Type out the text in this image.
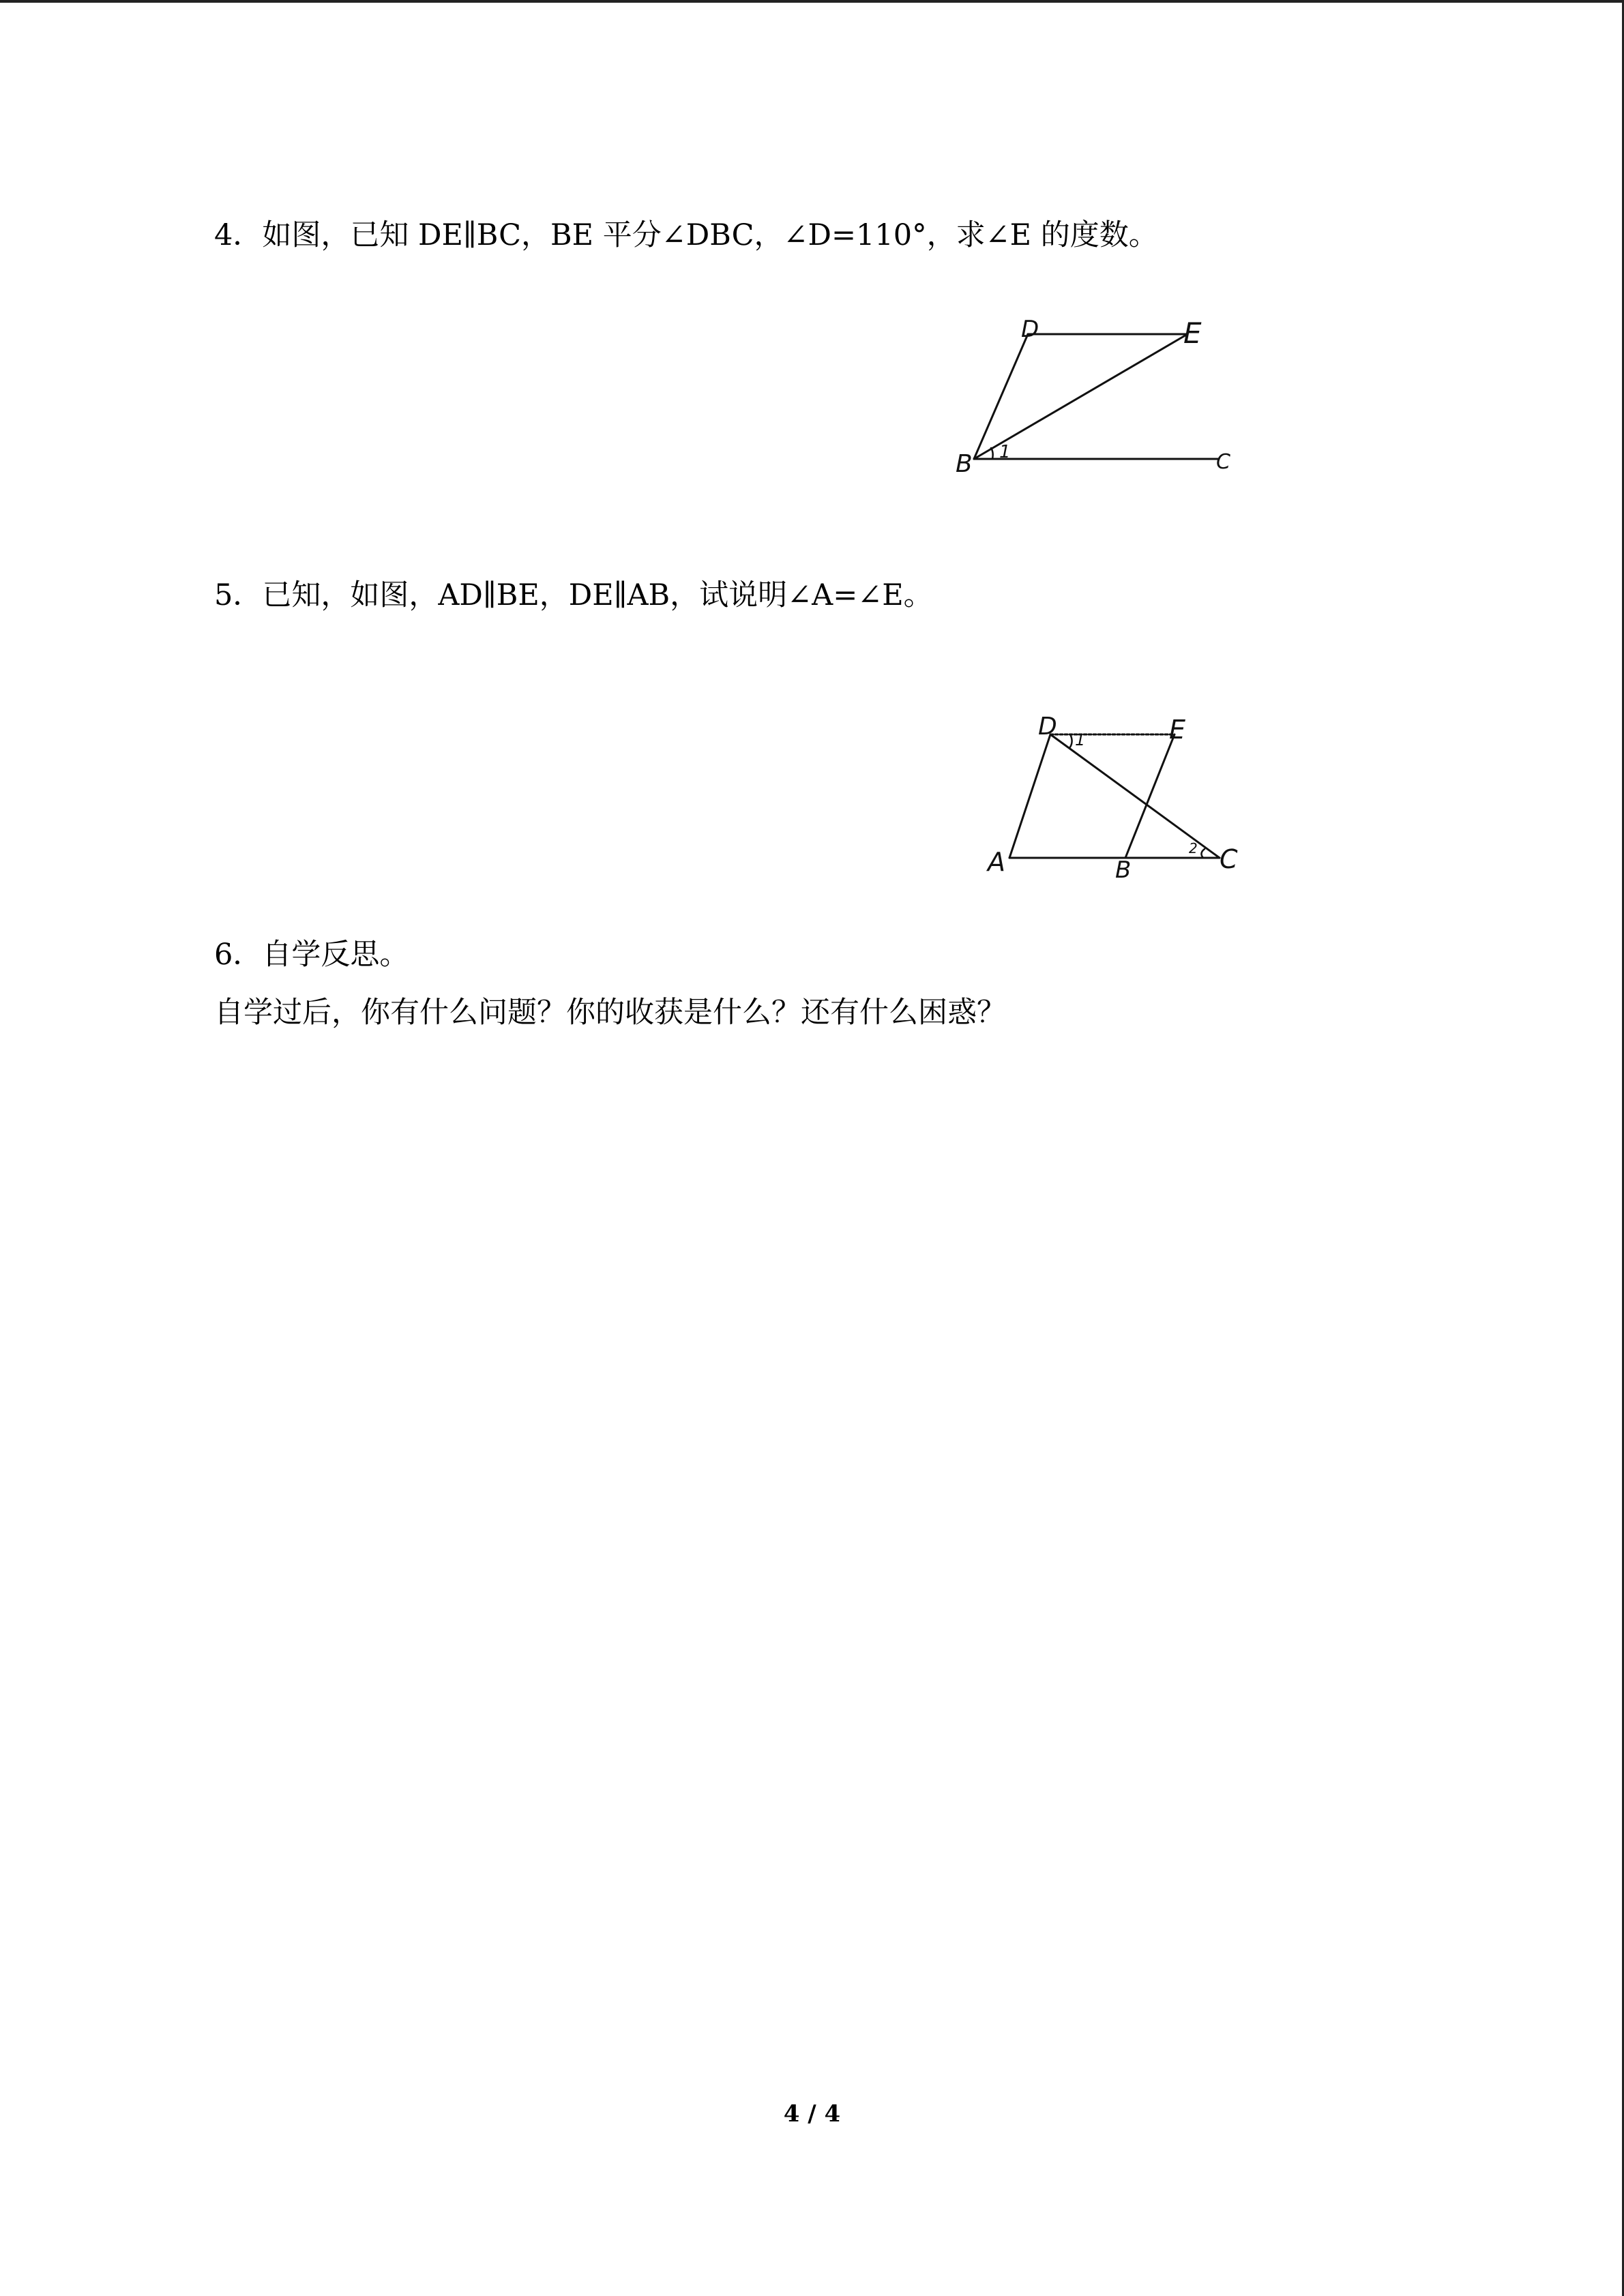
4．如图，已知 DE∥BC，BE 平分∠DBC，∠D=110°，求∠E 的度数。
D	E
B	C
1
5．已知，如图，AD∥BE，DE∥AB，试说明∠A=∠E。
D	E
A	B	C
1
2
6．自学反思。
自学过后，你有什么问题？你的收获是什么？还有什么困惑？
4 / 4
